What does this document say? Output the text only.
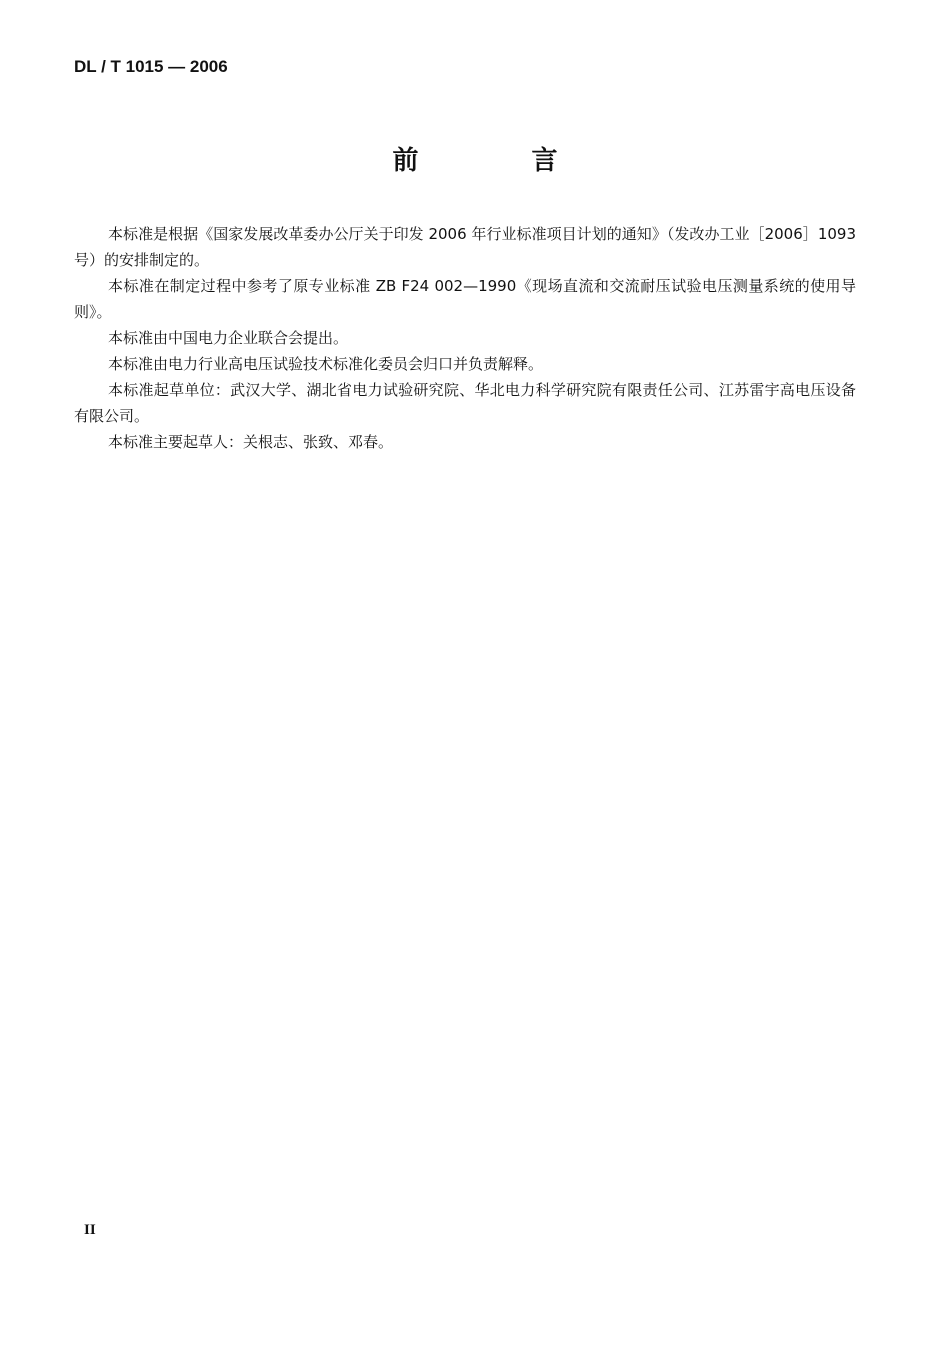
DL / T 1015 — 2006
前 言

本标准是根据《国家发展改革委办公厅关于印发 2006 年行业标准项目计划的通知》（发改办工业［2006］1093 号）的安排制定的。

本标准在制定过程中参考了原专业标准 ZB F24 002—1990《现场直流和交流耐压试验电压测量系统的使用导则》。

本标准由中国电力企业联合会提出。

本标准由电力行业高电压试验技术标准化委员会归口并负责解释。

本标准起草单位：武汉大学、湖北省电力试验研究院、华北电力科学研究院有限责任公司、江苏雷宇高电压设备有限公司。

本标准主要起草人：关根志、张致、邓春。

II
